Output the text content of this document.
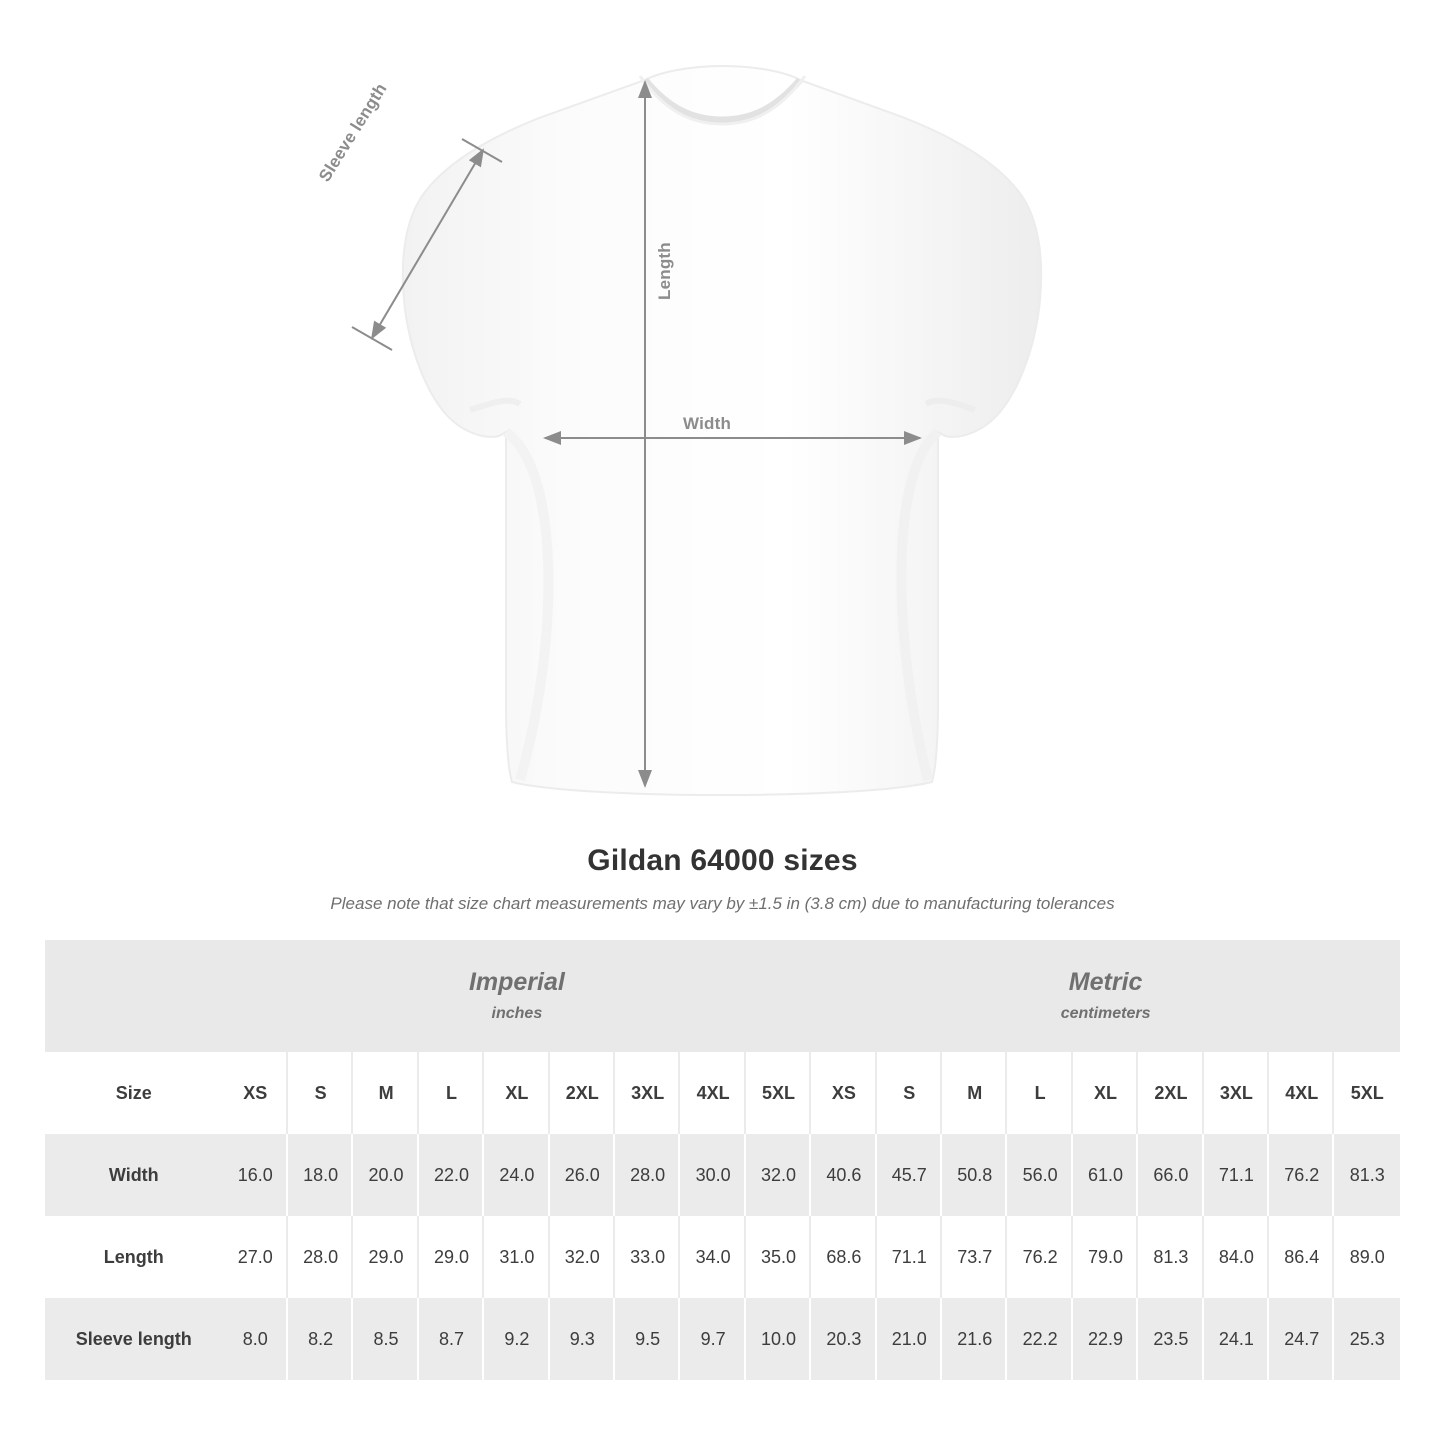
Sleeve length
Length
Width
Gildan 64000 sizes
Please note that size chart measurements may vary by ±1.5 in (3.8 cm) due to manufacturing tolerances

	Imperial
inches									Metric
centimeters								

Size	XS	S	M	L	XL	2XL	3XL	4XL	5XL	XS	S	M	L	XL	2XL	3XL	4XL	5XL
Width	16.0	18.0	20.0	22.0	24.0	26.0	28.0	30.0	32.0	40.6	45.7	50.8	56.0	61.0	66.0	71.1	76.2	81.3
Length	27.0	28.0	29.0	29.0	31.0	32.0	33.0	34.0	35.0	68.6	71.1	73.7	76.2	79.0	81.3	84.0	86.4	89.0
Sleeve length	8.0	8.2	8.5	8.7	9.2	9.3	9.5	9.7	10.0	20.3	21.0	21.6	22.2	22.9	23.5	24.1	24.7	25.3
